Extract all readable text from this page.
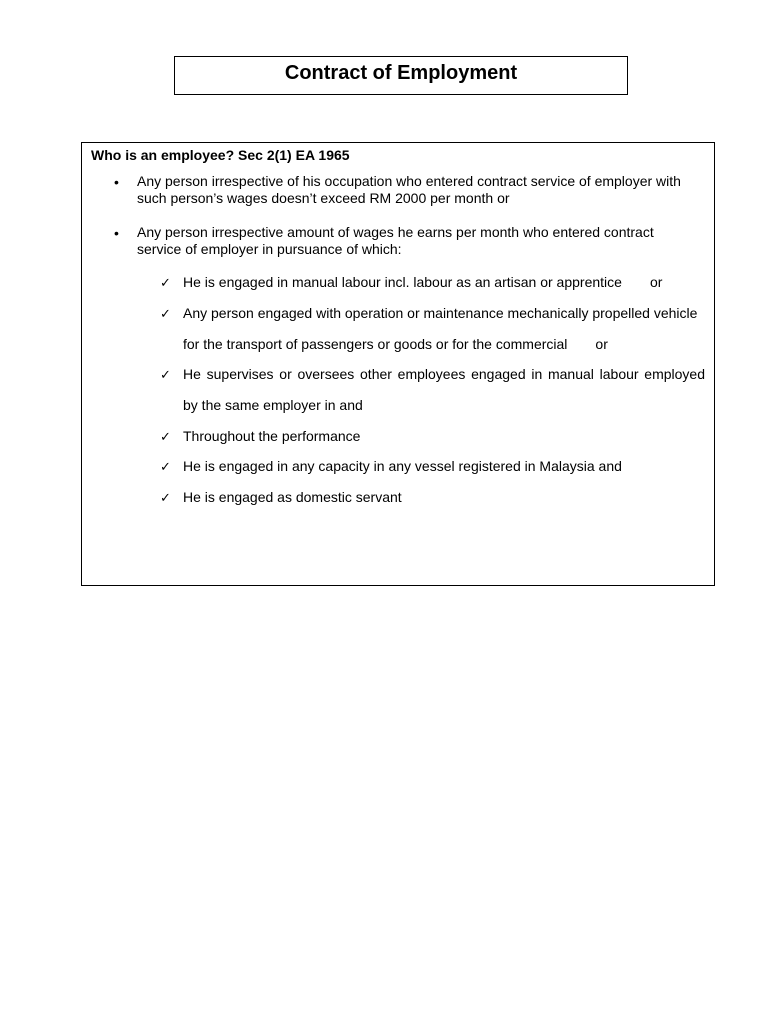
Contract of Employment

Who is an employee? Sec 2(1) EA 1965

• Any person irrespective of his occupation who entered contract service of employer with such person’s wages doesn’t exceed RM 2000 per month or
• Any person irrespective amount of wages he earns per month who entered contract service of employer in pursuance of which:
✓ He is engaged in manual labour incl. labour as an artisan or apprentice or
✓ Any person engaged with operation or maintenance mechanically propelled vehicle for the transport of passengers or goods or for the commercial or
✓ He supervises or oversees other employees engaged in manual labour employed by the same employer in and
✓ Throughout the performance
✓ He is engaged in any capacity in any vessel registered in Malaysia and
✓ He is engaged as domestic servant
